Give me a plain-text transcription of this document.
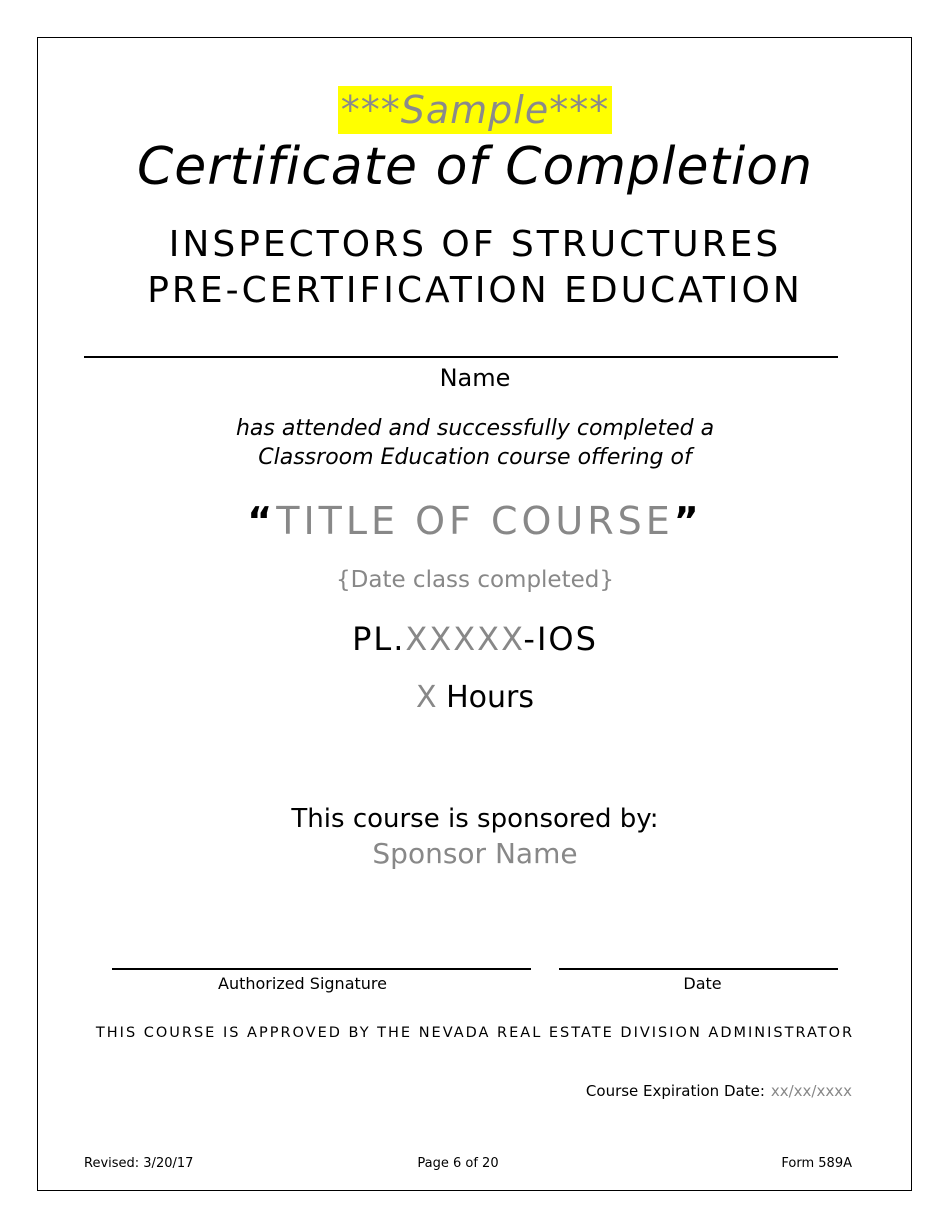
***Sample***
Certificate of Completion
INSPECTORS OF STRUCTURES
PRE-CERTIFICATION EDUCATION
Name
has attended and successfully completed a
Classroom Education course offering of
“TITLE OF COURSE”
{Date class completed}
PL.XXXXX-IOS
X Hours
This course is sponsored by:
Sponsor Name
Authorized Signature	Date
THIS COURSE IS APPROVED BY THE NEVADA REAL ESTATE DIVISION ADMINISTRATOR
Course Expiration Date: xx/xx/xxxx
Revised: 3/20/17	Page 6 of 20	Form 589A
